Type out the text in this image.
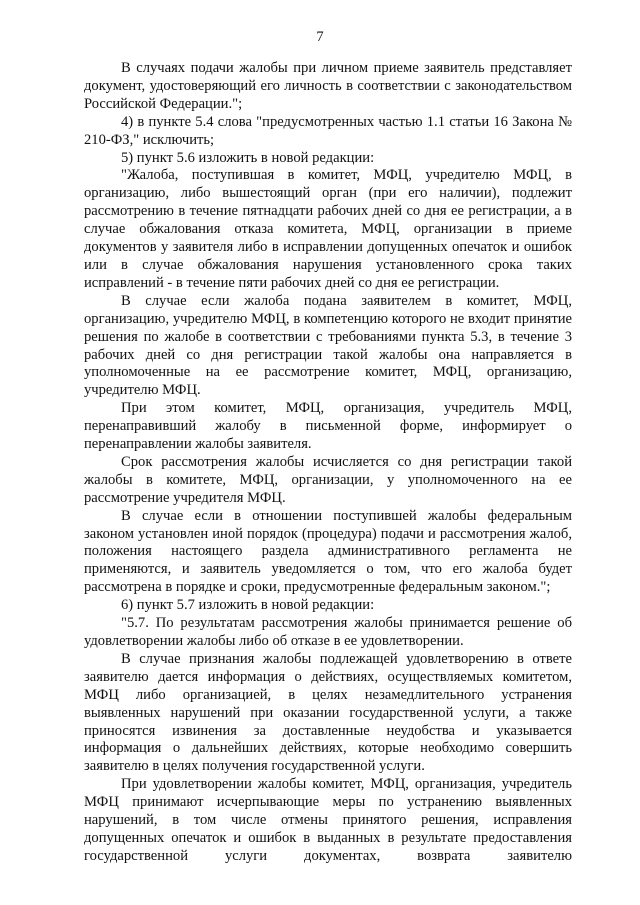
7

В случаях подачи жалобы при личном приеме заявитель представляет документ, удостоверяющий его личность в соответствии с законодательством Российской Федерации.";

4) в пункте 5.4 слова "предусмотренных частью 1.1 статьи 16 Закона № 210-ФЗ," исключить;

5) пункт 5.6 изложить в новой редакции:

"Жалоба, поступившая в комитет, МФЦ, учредителю МФЦ, в организацию, либо вышестоящий орган (при его наличии), подлежит рассмотрению в течение пятнадцати рабочих дней со дня ее регистрации, а в случае обжалования отказа комитета, МФЦ, организации в приеме документов у заявителя либо в исправлении допущенных опечаток и ошибок или в случае обжалования нарушения установленного срока таких исправлений - в течение пяти рабочих дней со дня ее регистрации.

В случае если жалоба подана заявителем в комитет, МФЦ, организацию, учредителю МФЦ, в компетенцию которого не входит принятие решения по жалобе в соответствии с требованиями пункта 5.3, в течение 3 рабочих дней со дня регистрации такой жалобы она направляется в уполномоченные на ее рассмотрение комитет, МФЦ, организацию, учредителю МФЦ.

При этом комитет, МФЦ, организация, учредитель МФЦ, перенаправивший жалобу в письменной форме, информирует о перенаправлении жалобы заявителя.

Срок рассмотрения жалобы исчисляется со дня регистрации такой жалобы в комитете, МФЦ, организации, у уполномоченного на ее рассмотрение учредителя МФЦ.

В случае если в отношении поступившей жалобы федеральным законом установлен иной порядок (процедура) подачи и рассмотрения жалоб, положения настоящего раздела административного регламента не применяются, и заявитель уведомляется о том, что его жалоба будет рассмотрена в порядке и сроки, предусмотренные федеральным законом.";

6) пункт 5.7 изложить в новой редакции:

"5.7. По результатам рассмотрения жалобы принимается решение об удовлетворении жалобы либо об отказе в ее удовлетворении.

В случае признания жалобы подлежащей удовлетворению в ответе заявителю дается информация о действиях, осуществляемых комитетом, МФЦ либо организацией, в целях незамедлительного устранения выявленных нарушений при оказании государственной услуги, а также приносятся извинения за доставленные неудобства и указывается информация о дальнейших действиях, которые необходимо совершить заявителю в целях получения государственной услуги.

При удовлетворении жалобы комитет, МФЦ, организация, учредитель МФЦ принимают исчерпывающие меры по устранению выявленных нарушений, в том числе отмены принятого решения, исправления допущенных опечаток и ошибок в выданных в результате предоставления государственной услуги документах, возврата заявителю
